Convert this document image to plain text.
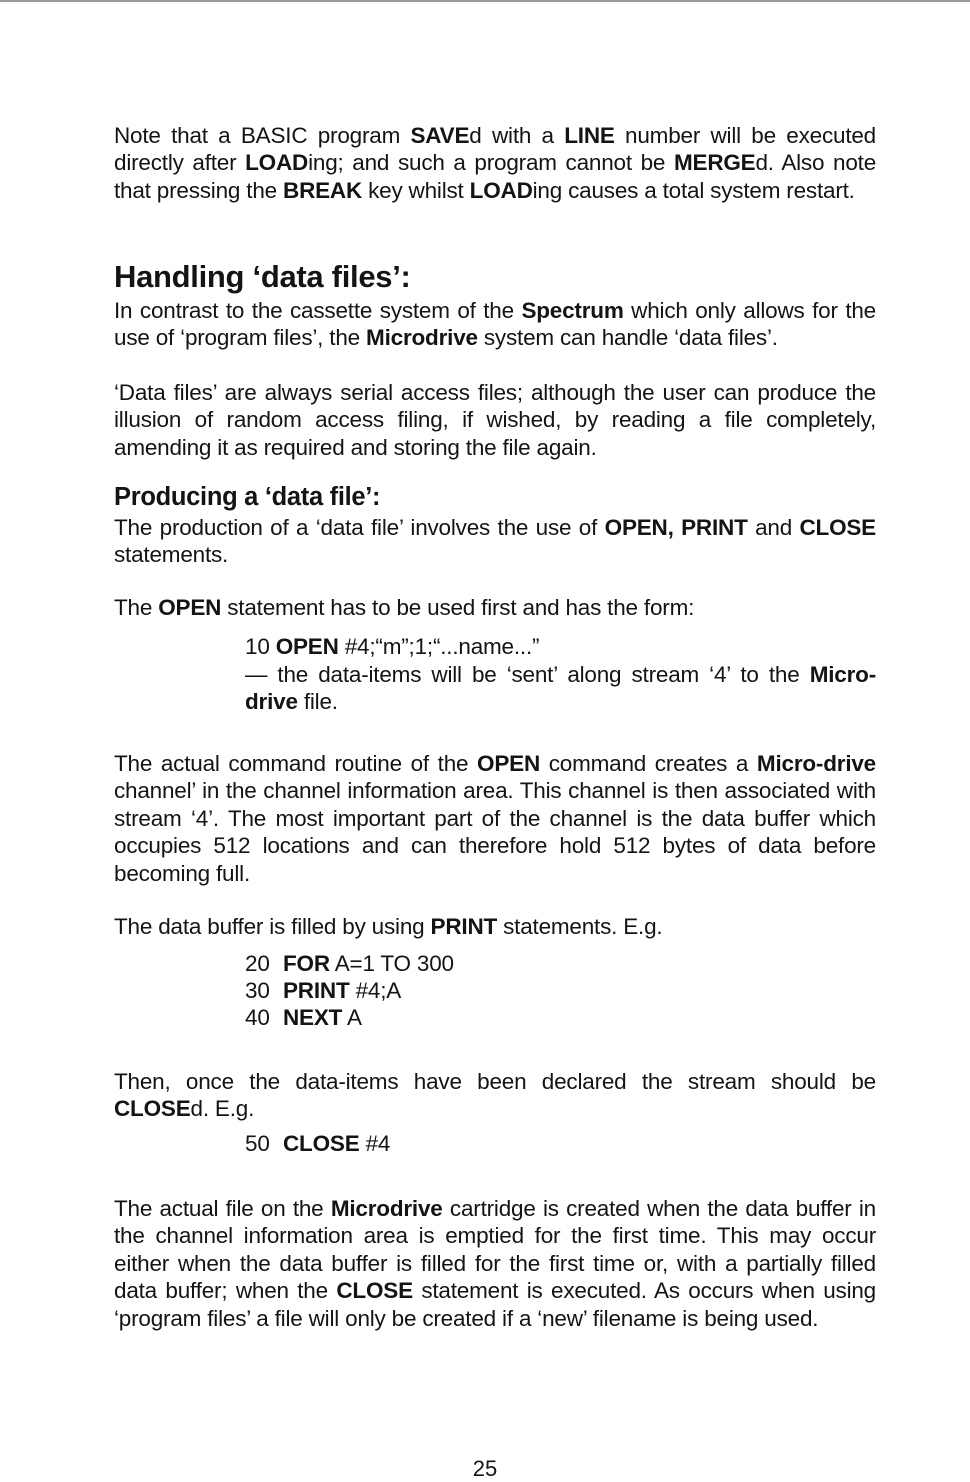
Note that a BASIC program SAVEd with a LINE number will be executed directly after LOADing; and such a program cannot be MERGEd. Also note that pressing the BREAK key whilst LOADing causes a total system restart.

Handling ‘data files’:

In contrast to the cassette system of the Spectrum which only allows for the use of ‘program files’, the Microdrive system can handle ‘data files’.

‘Data files’ are always serial access files; although the user can produce the illusion of random access filing, if wished, by reading a file completely, amending it as required and storing the file again.

Producing a ‘data file’:

The production of a ‘data file’ involves the use of OPEN, PRINT and CLOSE statements.

The OPEN statement has to be used first and has the form:

10 OPEN #4;“m”;1;“...name...”

— the data-items will be ‘sent’ along stream ‘4’ to the Micro-drive file.

The actual command routine of the OPEN command creates a Micro-drive channel’ in the channel information area. This channel is then associated with stream ‘4’. The most important part of the channel is the data buffer which occupies 512 locations and can therefore hold 512 bytes of data before becoming full.

The data buffer is filled by using PRINT statements. E.g.

20 FOR A=1 TO 300

30 PRINT #4;A

40 NEXT A

Then, once the data-items have been declared the stream should be CLOSEd. E.g.

50 CLOSE #4

The actual file on the Microdrive cartridge is created when the data buffer in the channel information area is emptied for the first time. This may occur either when the data buffer is filled for the first time or, with a partially filled data buffer; when the CLOSE statement is executed. As occurs when using ‘program files’ a file will only be created if a ‘new’ filename is being used.

25
